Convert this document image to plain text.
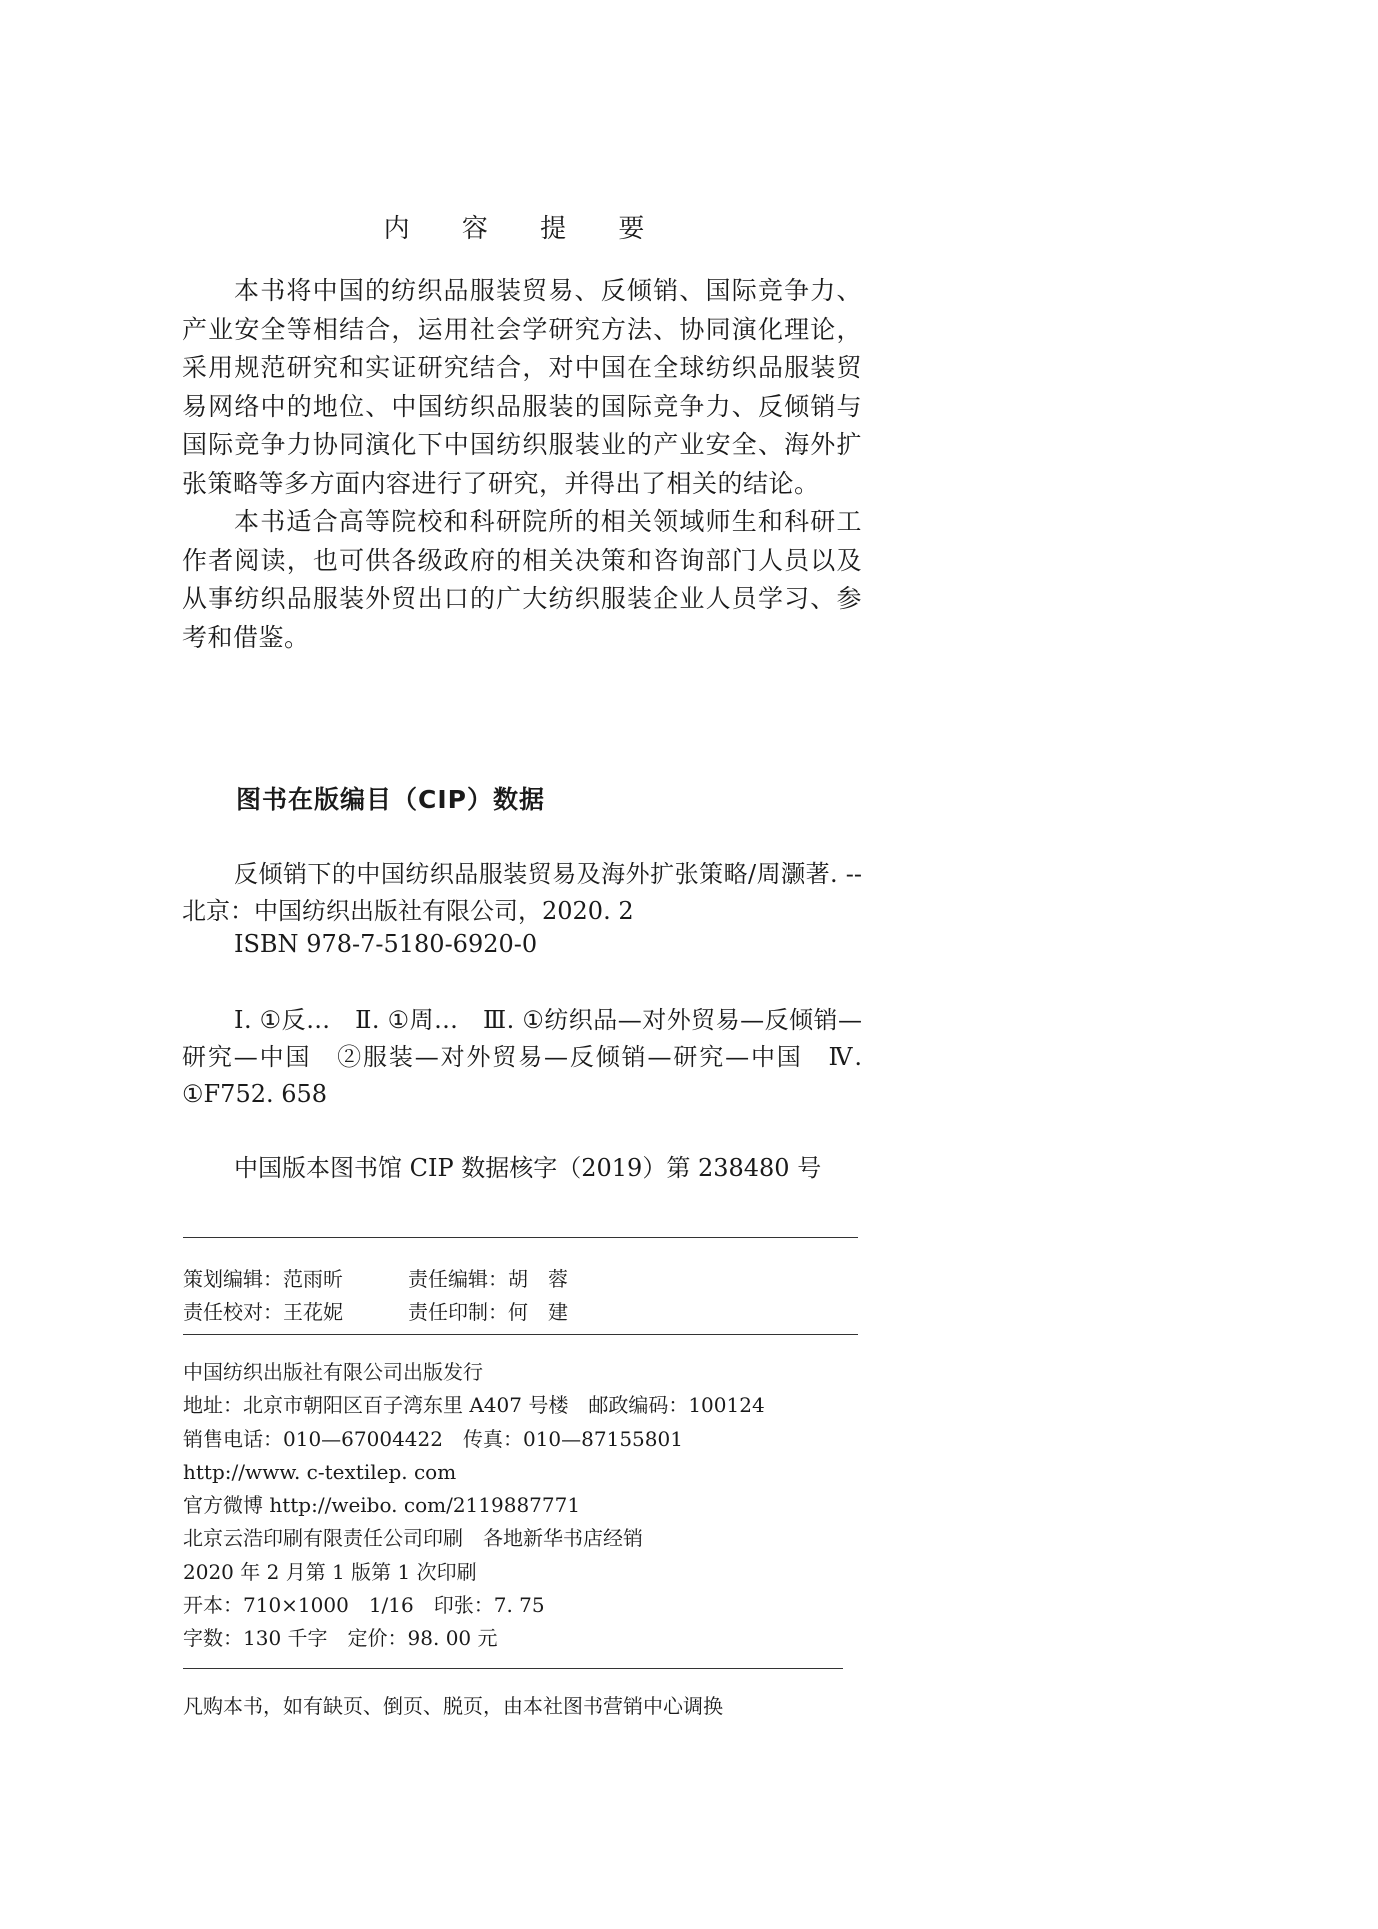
内 容 提 要

本书将中国的纺织品服装贸易、反倾销、国际竞争力、产业安全等相结合，运用社会学研究方法、协同演化理论，采用规范研究和实证研究结合，对中国在全球纺织品服装贸易网络中的地位、中国纺织品服装的国际竞争力、反倾销与国际竞争力协同演化下中国纺织服装业的产业安全、海外扩张策略等多方面内容进行了研究，并得出了相关的结论。

本书适合高等院校和科研院所的相关领域师生和科研工作者阅读，也可供各级政府的相关决策和咨询部门人员以及从事纺织品服装外贸出口的广大纺织服装企业人员学习、参考和借鉴。

图书在版编目（CIP）数据

反倾销下的中国纺织品服装贸易及海外扩张策略/周灏著. --北京：中国纺织出版社有限公司，2020. 2

ISBN 978-7-5180-6920-0

Ⅰ. ①反…　Ⅱ. ①周…　Ⅲ. ①纺织品—对外贸易—反倾销—研究—中国　②服装—对外贸易—反倾销—研究—中国　Ⅳ. ①F752. 658

中国版本图书馆 CIP 数据核字（2019）第 238480 号
策划编辑：范雨昕	责任编辑：胡　蓉
责任校对：王花妮	责任印制：何　建
中国纺织出版社有限公司出版发行
地址：北京市朝阳区百子湾东里 A407 号楼　邮政编码：100124
销售电话：010—67004422　传真：010—87155801
http://www. c-textilep. com
官方微博 http://weibo. com/2119887771
北京云浩印刷有限责任公司印刷　各地新华书店经销
2020 年 2 月第 1 版第 1 次印刷
开本：710×1000　1/16　印张：7. 75
字数：130 千字　定价：98. 00 元
凡购本书，如有缺页、倒页、脱页，由本社图书营销中心调换
